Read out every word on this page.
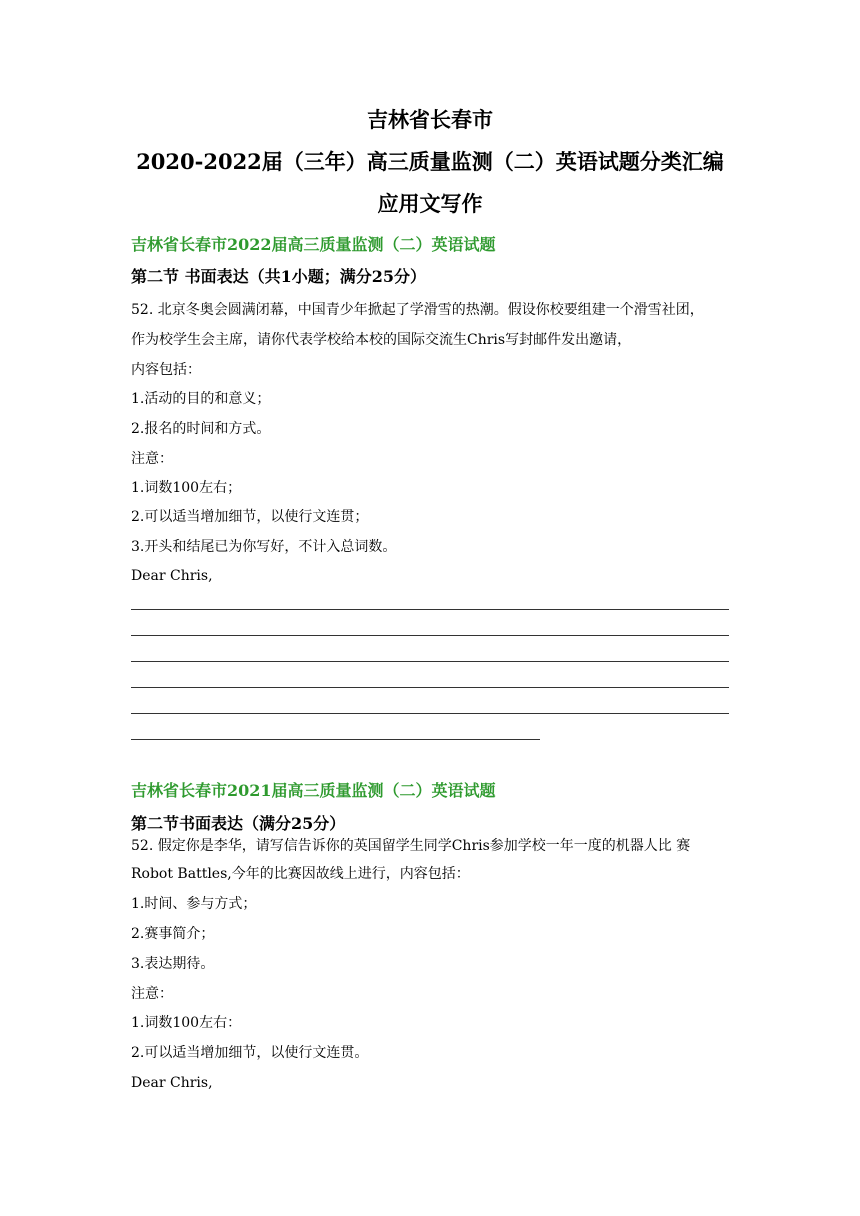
吉林省长春市
2020-2022届（三年）高三质量监测（二）英语试题分类汇编
应用文写作
吉林省长春市2022届高三质量监测（二）英语试题
第二节 书面表达（共1小题；满分25分）
52. 北京冬奥会圆满闭幕，中国青少年掀起了学滑雪的热潮。假设你校要组建一个滑雪社团，
作为校学生会主席，请你代表学校给本校的国际交流生Chris写封邮件发出邀请，
内容包括：
1.活动的目的和意义；
2.报名的时间和方式。
注意：
1.词数100左右；
2.可以适当增加细节，以使行文连贯；
3.开头和结尾已为你写好，不计入总词数。
Dear Chris,
吉林省长春市2021届高三质量监测（二）英语试题
第二节书面表达（满分25分）
52. 假定你是李华，请写信告诉你的英国留学生同学Chris参加学校一年一度的机器人比 赛
Robot Battles,今年的比赛因故线上进行，内容包括：
1.时间、参与方式；
2.赛事简介；
3.表达期待。
注意：
1.词数100左右：
2.可以适当增加细节，以使行文连贯。
Dear Chris,
